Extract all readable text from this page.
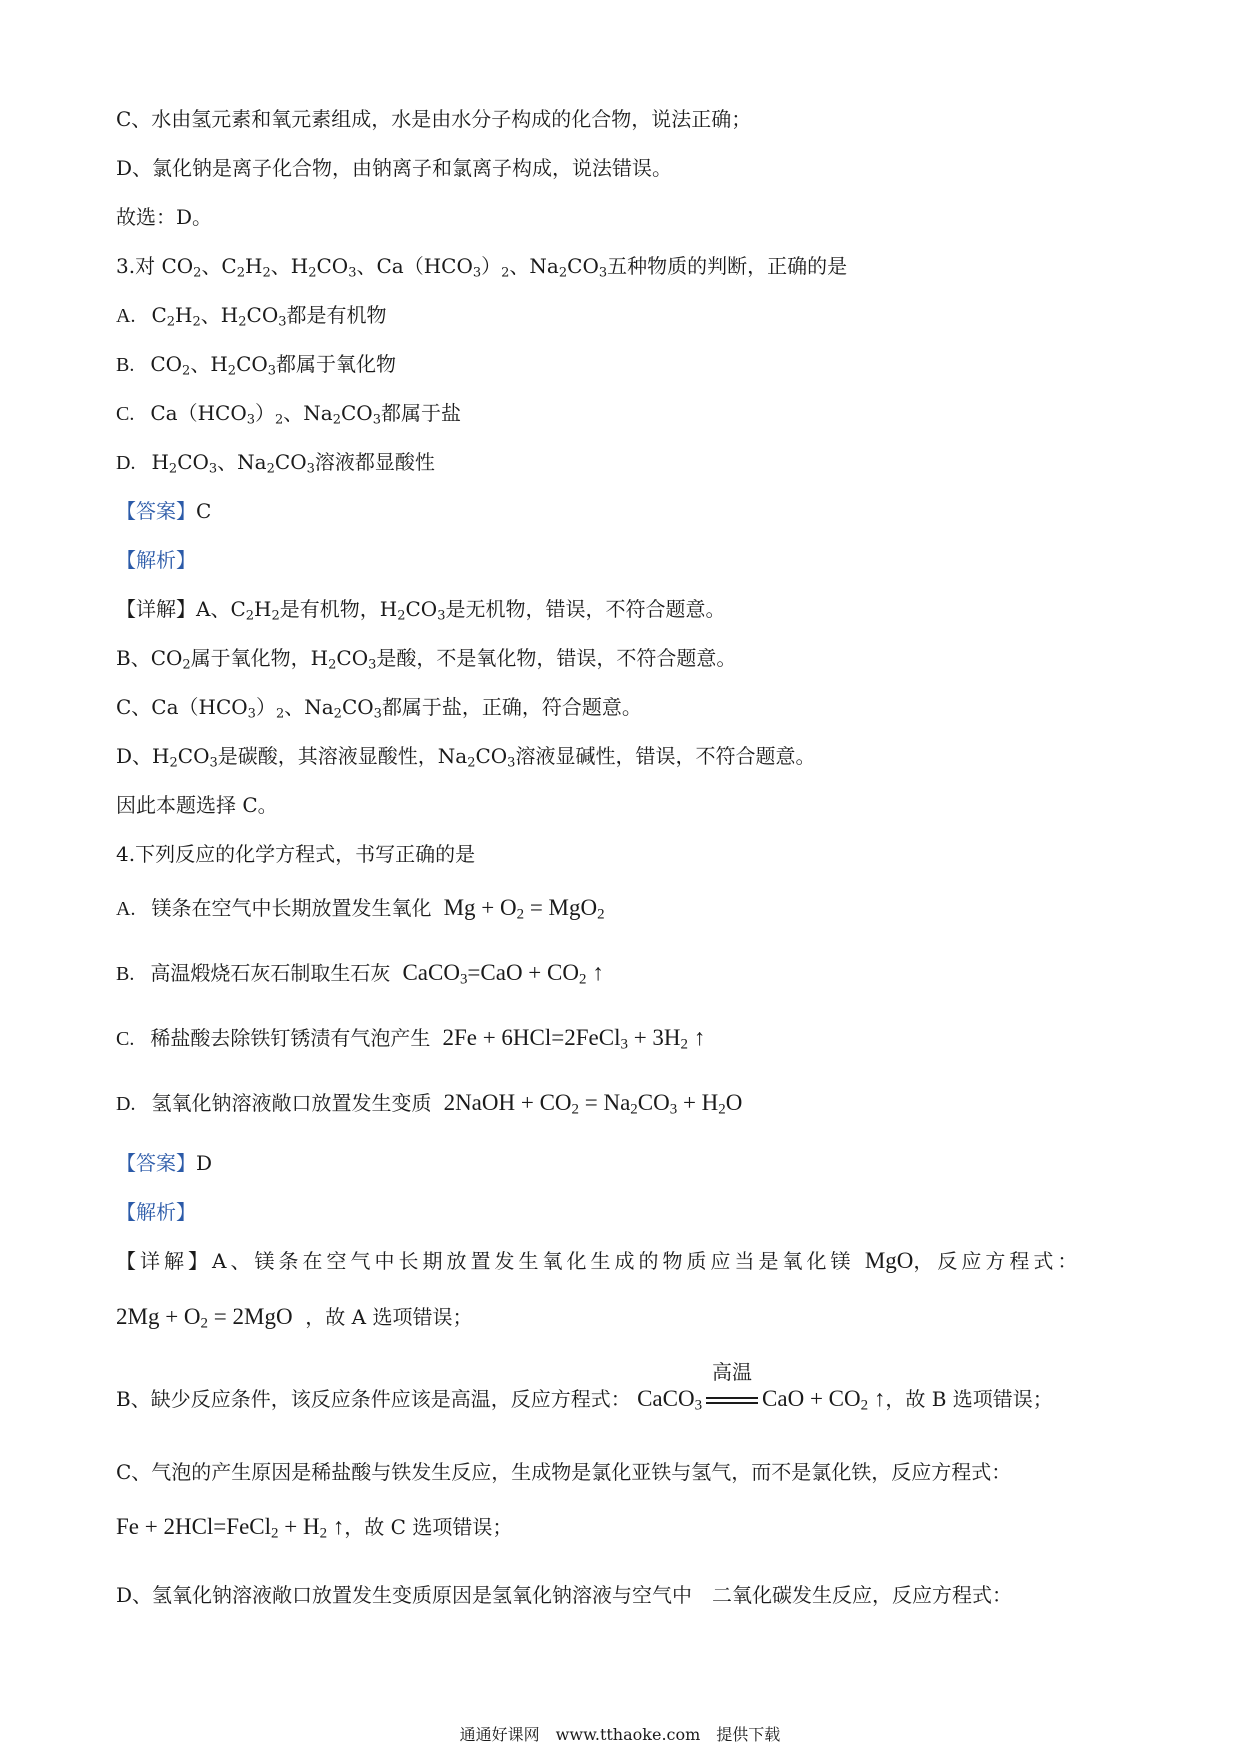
C、水由氢元素和氧元素组成，水是由水分子构成的化合物，说法正确；
D、氯化钠是离子化合物，由钠离子和氯离子构成，说法错误。
故选：D。
3.对 $CO_2$、$C_2H_2$、$H_2CO_3$、$Ca(HCO_3)_2$、$Na_2CO_3$五种物质的判断，正确的是
A. $C_2H_2$、$H_2CO_3$都是有机物
B. $CO_2$、$H_2CO_3$都属于氧化物
C. $Ca(HCO_3)_2$、$Na_2CO_3$都属于盐
D. $H_2CO_3$、$Na_2CO_3$溶液都显酸性
【答案】C
【解析】
【详解】A、$C_2H_2$是有机物，$H_2CO_3$是无机物，错误，不符合题意。
B、$CO_2$属于氧化物，$H_2CO_3$是酸，不是氧化物，错误，不符合题意。
C、$Ca(HCO_3)_2$、$Na_2CO_3$都属于盐，正确，符合题意。
D、$H_2CO_3$是碳酸，其溶液显酸性，$Na_2CO_3$溶液显碱性，错误，不符合题意。
因此本题选择 C。
4.下列反应的化学方程式，书写正确的是
A. 镁条在空气中长期放置发生氧化  $Mg + O_2 = MgO_2$
B. 高温煅烧石灰石制取生石灰  CaCO$_3$=CaO + $CO_2$ ↑
C. 稀盐酸去除铁钉锈渍有气泡产生  2Fe + 6HCl=2FeCl$_3$ + $3H_2$ ↑
D. 氢氧化钠溶液敞口放置发生变质  2NaOH + $CO_2 = Na_2CO_3 + H_2O$
【答案】D
【解析】
【详解】A、镁条在空气中长期放置发生氧化生成的物质应当是氧化镁 MgO，反应方程式：
$2Mg + O_2 = 2MgO$ ，故 A 选项错误；
B、缺少反应条件，该反应条件应该是高温，反应方程式： CaCO$_3$
高温
CaO + $CO_2$ ↑，故 B 选项错误；
C、气泡的产生原因是稀盐酸与铁发生反应，生成物是氯化亚铁与氢气，而不是氯化铁，反应方程式：
Fe + 2HCl=FeCl$_2$ + $H_2$ ↑，故 C 选项错误；
D、氢氧化钠溶液敞口放置发生变质原因是氢氧化钠溶液与空气中　二氧化碳发生反应，反应方程式：
通通好课网　www.tthaoke.com　提供下载
